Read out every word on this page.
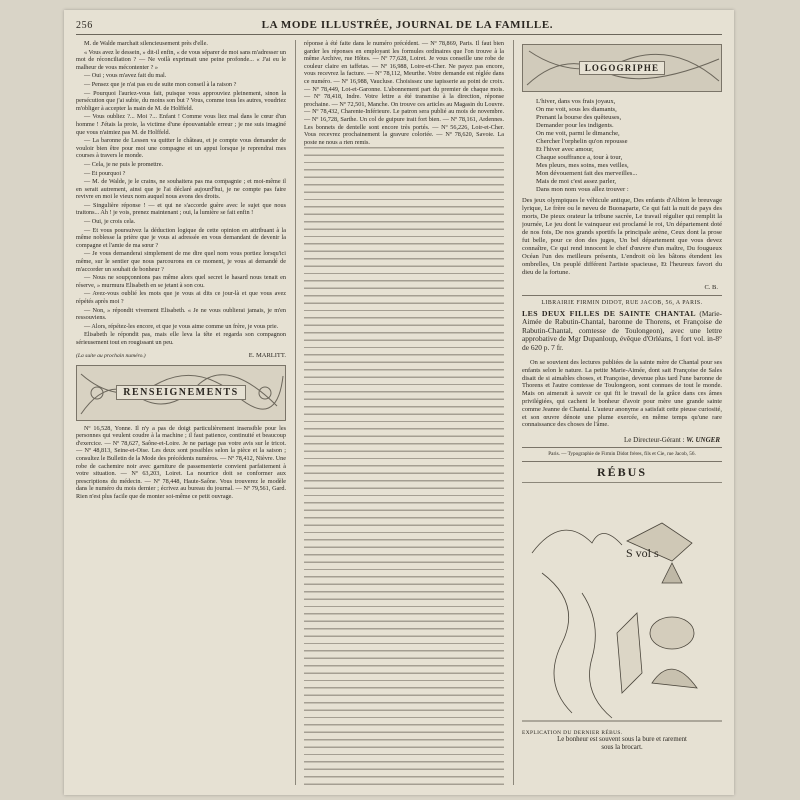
256	LA MODE ILLUSTRÉE, JOURNAL DE LA FAMILLE.

M. de Walde marchait silencieusement près d'elle.

« Vous avez le dessein, » dit-il enfin, « de vous séparer de moi sans m'adresser un mot de réconciliation ? — Ne voilà exprimait une peine profonde... « J'ai eu le malheur de vous mécontenter ? »

— Oui ; vous m'avez fait du mal.

— Pensez que je n'ai pas eu de suite mon conseil à la raison ?

— Pourquoi l'auriez-vous fait, puisque vous approuviez pleinement, sinon la persécution que j'ai subie, du moins son but ? Vous, comme tous les autres, voudriez m'obliger à accepter la main de M. de Holffeld.

— Vous oubliez ?... Moi ?... Enfant ! Comme vous liez mal dans le cœur d'un homme ! J'étais la proie, la victime d'une épouvantable erreur ; je me suis imaginé que vous n'aimiez pas M. de Holffeld.

— La baronne de Lessen va quitter le château, et je compte vous demander de vouloir bien être pour moi une compagne et un appui lorsque je reprendrai mes courses à travers le monde.

— Cela, je ne puis le promettre.

— Et pourquoi ?

— M. de Walde, je le crains, ne souhaitera pas ma compagnie ; et moi-même il en serait autrement, ainsi que je l'ai déclaré aujourd'hui, je ne compte pas faire revivre en moi le vieux nom auquel nous avons des droits.

— Singulière réponse ! — et qui ne s'accorde guère avec le sujet que nous traitons... Ah ! je vois, prenez maintenant ; oui, la lumière se fait enfin !

— Oui, je crois cela.

— Et vous poursuivez la déduction logique de cette opinion en attribuant à la même noblesse la prière que je vous ai adressée en vous demandant de devenir la compagne et l'amie de ma sœur ?

— Je vous demanderai simplement de me dire quel nom vous portiez lorsqu'ici même, sur le sentier que nous parcourons en ce moment, je vous ai demandé de m'accorder un souhait de bonheur ?

— Nous ne soupçonnions pas même alors quel secret le hasard nous tenait en réserve, » murmura Elisabeth en se jetant à son cou.

— Avez-vous oublié les mots que je vous ai dits ce jour-là et que vous avez répétés après moi ?

— Non, » répondit vivement Elisabeth. « Je ne vous oublierai jamais, je m'en ressouviens.

— Alors, répétez-les encore, et que je vous aime comme un frère, je vous prie.

Elisabeth le répondit pas, mais elle leva la tête et regarda son compagnon sérieusement tout en rougissant un peu.

(La suite au prochain numéro.)	E. MARLITT.
RENSEIGNEMENTS

Nº 16,528, Yonne. Il n'y a pas de doigt particulièrement insensible pour les personnes qui veulent coudre à la machine ; il faut patience, continuité et beaucoup d'exercice. — Nº 78,627, Saône-et-Loire. Je ne partage pas votre avis sur le tricot. — Nº 48,813, Seine-et-Oise. Les deux sont possibles selon la pièce et la saison ; consultez le Bulletin de la Mode des précédents numéros. — Nº 78,412, Nièvre. Une robe de cachemire noir avec garniture de passementerie convient parfaitement à votre situation. — Nº 63,203, Loiret. La nourrice doit se conformer aux prescriptions du médecin. — Nº 78,448, Haute-Saône. Vous trouverez le modèle dans le numéro du mois dernier ; écrivez au bureau du journal. — Nº 79,561, Gard. Rien n'est plus facile que de monter soi-même ce petit ouvrage.

réponse à été faite dans le numéro précédent. — Nº 78,869, Paris. Il faut bien garder les réponses en employant les formules ordinaires que l'on trouve à la même Archive, rue Hôtes. — Nº 77,628, Loiret. Je vous conseille une robe de couleur claire en taffetas. — Nº 16,988, Loire-et-Cher. Ne payez pas encore, vous recevrez la facture. — Nº 78,112, Meurthe. Votre demande est réglée dans ce numéro. — Nº 16,988, Vaucluse. Choisissez une tapisserie au point de croix. — Nº 78,449, Lot-et-Garonne. L'abonnement part du premier de chaque mois. — Nº 78,418, Indre. Votre lettre a été transmise à la direction, réponse prochaine. — Nº 72,501, Manche. On trouve ces articles au Magasin du Louvre. — Nº 78,432, Charente-Inférieure. Le patron sera publié au mois de novembre. — Nº 16,728, Sarthe. Un col de guipure irait fort bien. — Nº 78,161, Ardennes. Les bonnets de dentelle sont encore très portés. — Nº 56,226, Loir-et-Cher. Vous recevrez prochainement la gravure coloriée. — Nº 78,620, Savoie. La poste ne nous a rien remis.

LOGOGRIPHE
L'hiver, dans vos frais joyaux,
On me voit, sous les diamants,
Prenant la bourse des quêteuses,
Demander pour les indigents.
On me voit, parmi le dimanche,
Chercher l'orphelin qu'on repousse
Et l'hiver avec amour,
Chaque souffrance a, tour à tour,
Mes pleurs, mes soins, mes veilles,
Mon dévouement fait des merveilles...
Mais de moi c'est assez parler,
Dans mon nom vous allez trouver :

Des jeux olympiques le véhicule antique, Des enfants d'Albion le breuvage lyrique, Le frère ou le neveu de Buonaparte, Ce qui fait la nuit de pays des morts, De pieux orateur la tribune sacrée, Le travail régulier qui remplit la journée, Le jeu dont le vainqueur est proclamé le roi, Un département doté de nos fois, De nos grands sportifs la principale arène, Ceux dont la prose fut belle, pour ce don des juges, Un bel département que vous devez connaître, Ce qui rend innocent le chef d'œuvre d'un maître, Du fougueux Océan l'un des meilleurs présents, L'endroit où les bâtons étendent les ombrelles, Un peuplé différent l'artiste spacieuse, Et l'heureux favori du dieu de la fortune.

C. B.
LIBRAIRIE FIRMIN DIDOT, RUE JACOB, 56, A PARIS.

LES DEUX FILLES DE SAINTE CHANTAL (Marie-Aimée de Rabutin-Chantal, baronne de Thorens, et Françoise de Rabutin-Chantal, comtesse de Toulongeon), avec une lettre approbative de Mgr Dupanloup, évêque d'Orléans, 1 fort vol. in-8° de 620 p. 7 fr.

On se souvient des lectures publiées de la sainte mère de Chantal pour ses enfants selon le nature. La petite Marie-Aimée, dont sait Françoise de Sales disait de si aimables choses, et Françoise, devenue plus tard l'une baronne de Thorens et l'autre comtesse de Toulongeon, sont connues de tout le monde. Mais on aimerait à savoir ce qui fit le travail de la grâce dans ces âmes privilégiées, qui cachent le bonheur d'avoir pour mère une grande sainte comme Jeanne de Chantal. L'auteur anonyme a satisfait cette pieuse curiosité, et son œuvre dénote une plume exercée, en même temps qu'une rare connaissance des choses de l'âme.

Le Directeur-Gérant : W. UNGER
Paris. — Typographie de Firmin Didot frères, fils et Cie, rue Jacob, 56.
RÉBUS
S vol s
EXPLICATION DU DERNIER RÉBUS.
Le bonheur est souvent sous la bure et rarement
sous la brocart.
